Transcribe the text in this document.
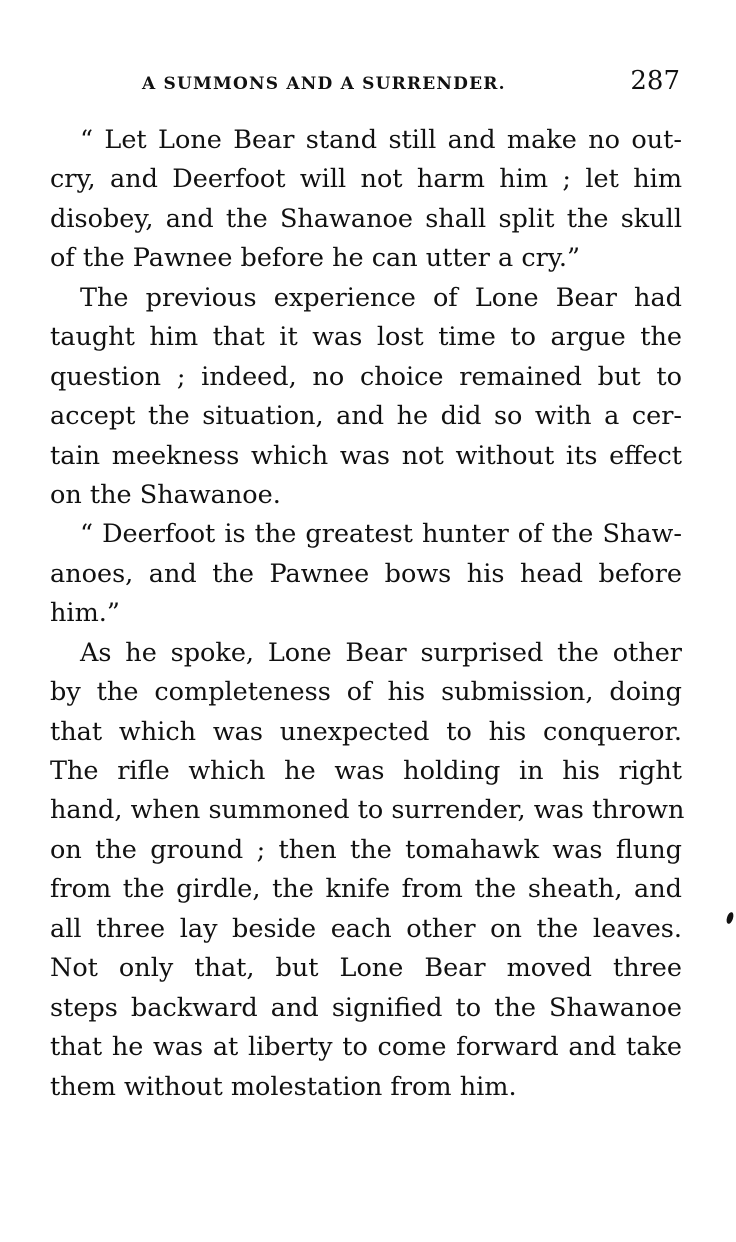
A SUMMONS AND A SURRENDER.	287
“ Let Lone Bear stand still and make no out-
cry, and Deerfoot will not harm him ; let him
disobey, and the Shawanoe shall split the skull
of the Pawnee before he can utter a cry.”
The previous experience of Lone Bear had
taught him that it was lost time to argue the
question ; indeed, no choice remained but to
accept the situation, and he did so with a cer-
tain meekness which was not without its effect
on the Shawanoe.
“ Deerfoot is the greatest hunter of the Shaw-
anoes, and the Pawnee bows his head before
him.”
As he spoke, Lone Bear surprised the other
by the completeness of his submission, doing
that which was unexpected to his conqueror.
The rifle which he was holding in his right
hand, when summoned to surrender, was thrown
on the ground ; then the tomahawk was flung
from the girdle, the knife from the sheath, and
all three lay beside each other on the leaves.
Not only that, but Lone Bear moved three
steps backward and signified to the Shawanoe
that he was at liberty to come forward and take
them without molestation from him.
